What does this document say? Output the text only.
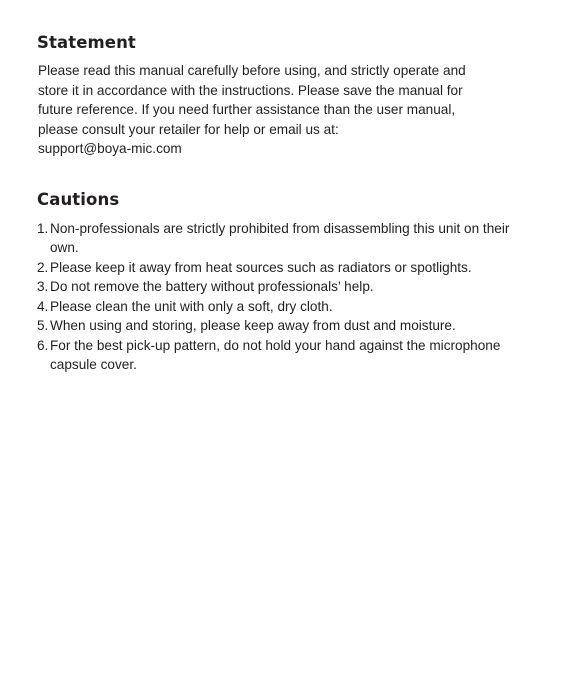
Statement
Please read this manual carefully before using, and strictly operate and
store it in accordance with the instructions. Please save the manual for
future reference. If you need further assistance than the user manual,
please consult your retailer for help or email us at:
support@boya-mic.com
Cautions
1. Non-professionals are strictly prohibited from disassembling this unit on their own.
2. Please keep it away from heat sources such as radiators or spotlights.
3. Do not remove the battery without professionals’ help.
4. Please clean the unit with only a soft, dry cloth.
5. When using and storing, please keep away from dust and moisture.
6. For the best pick-up pattern, do not hold your hand against the microphone capsule cover.
